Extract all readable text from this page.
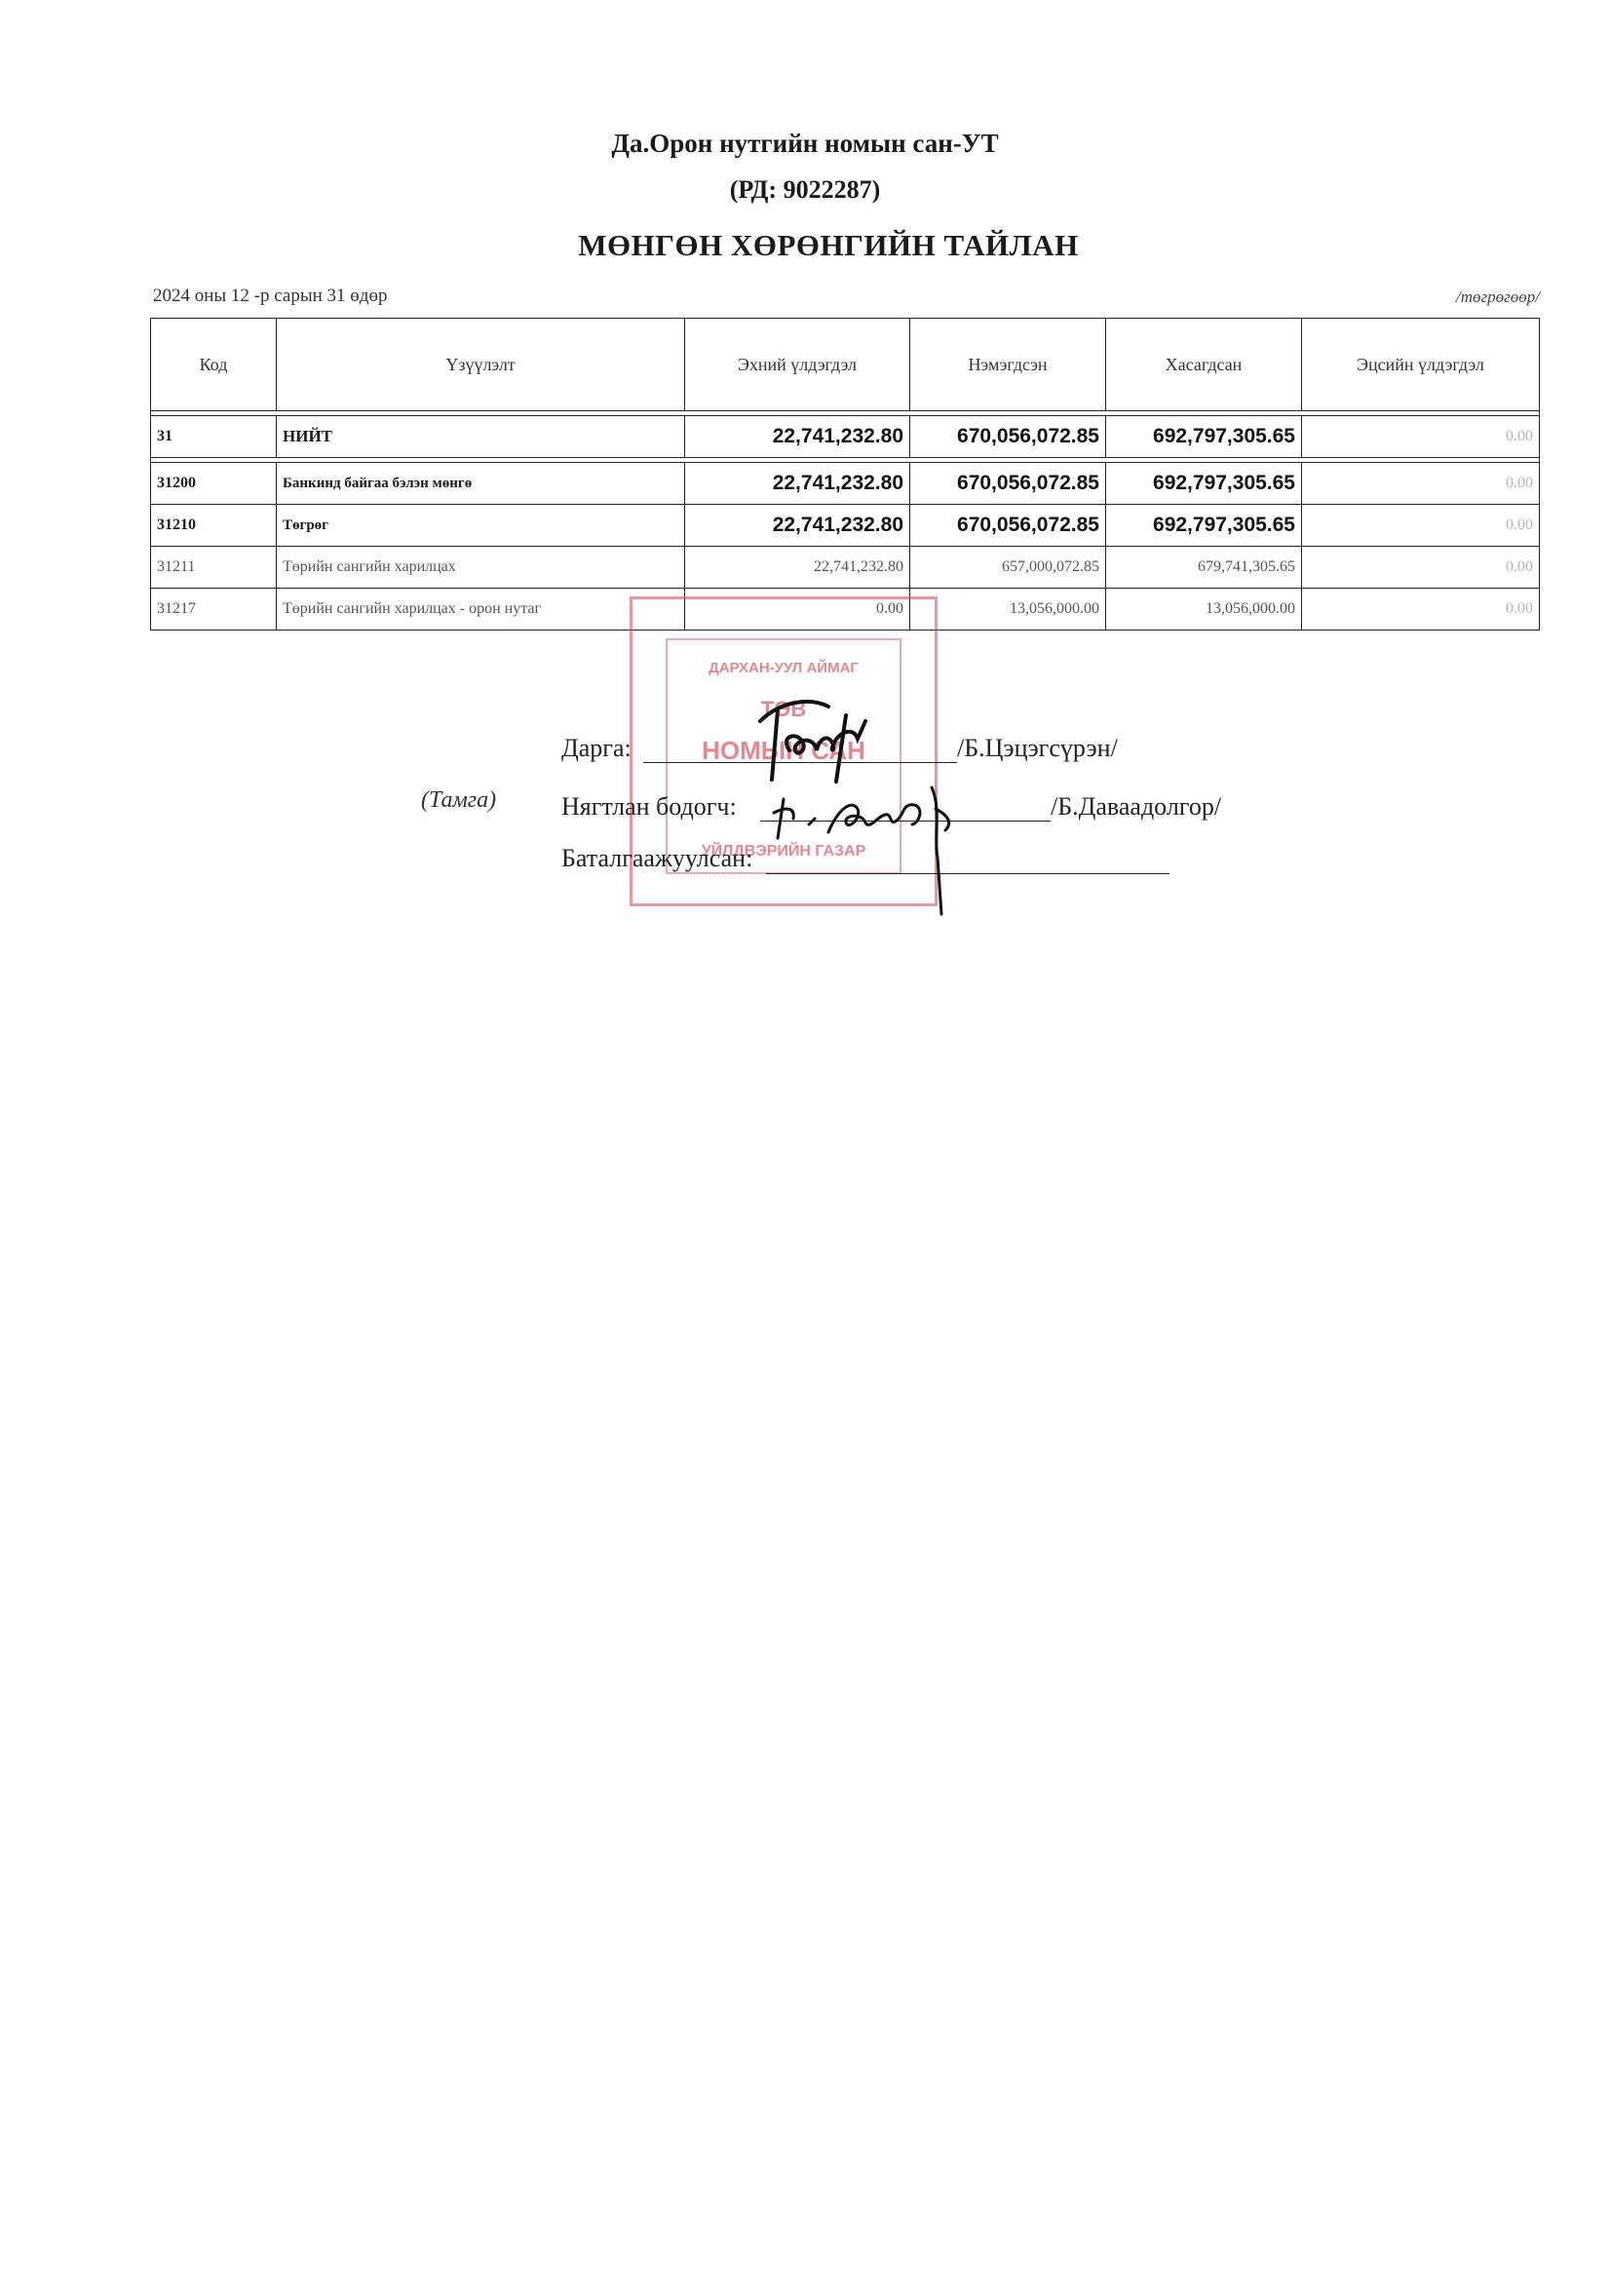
Да.Орон нутгийн номын сан-УТ
(РД: 9022287)
МӨНГӨН ХӨРӨНГИЙН ТАЙЛАН
2024 оны 12 -р сарын 31 өдөр	/төгрөгөөр/
Код	Үзүүлэлт	Эхний үлдэгдэл	Нэмэгдсэн	Хасагдсан	Эцсийн үлдэгдэл

31	НИЙТ	22,741,232.80	670,056,072.85	692,797,305.65	0.00

31200	Банкинд байгаа бэлэн мөнгө	22,741,232.80	670,056,072.85	692,797,305.65	0.00
31210	Төгрөг	22,741,232.80	670,056,072.85	692,797,305.65	0.00
31211	Төрийн сангийн харилцах	22,741,232.80	657,000,072.85	679,741,305.65	0.00
31217	Төрийн сангийн харилцах - орон нутаг	0.00	13,056,000.00	13,056,000.00	0.00
ДАРХАН-УУЛ АЙМАГ
ТӨВ
НОМЫН САН
УЙЛДВЭРИЙН ГАЗАР
(Тамга)
Дарга:	/Б.Цэцэгсүрэн/
Нягтлан бодогч:	/Б.Даваадолгор/
Баталгаажуулсан:
